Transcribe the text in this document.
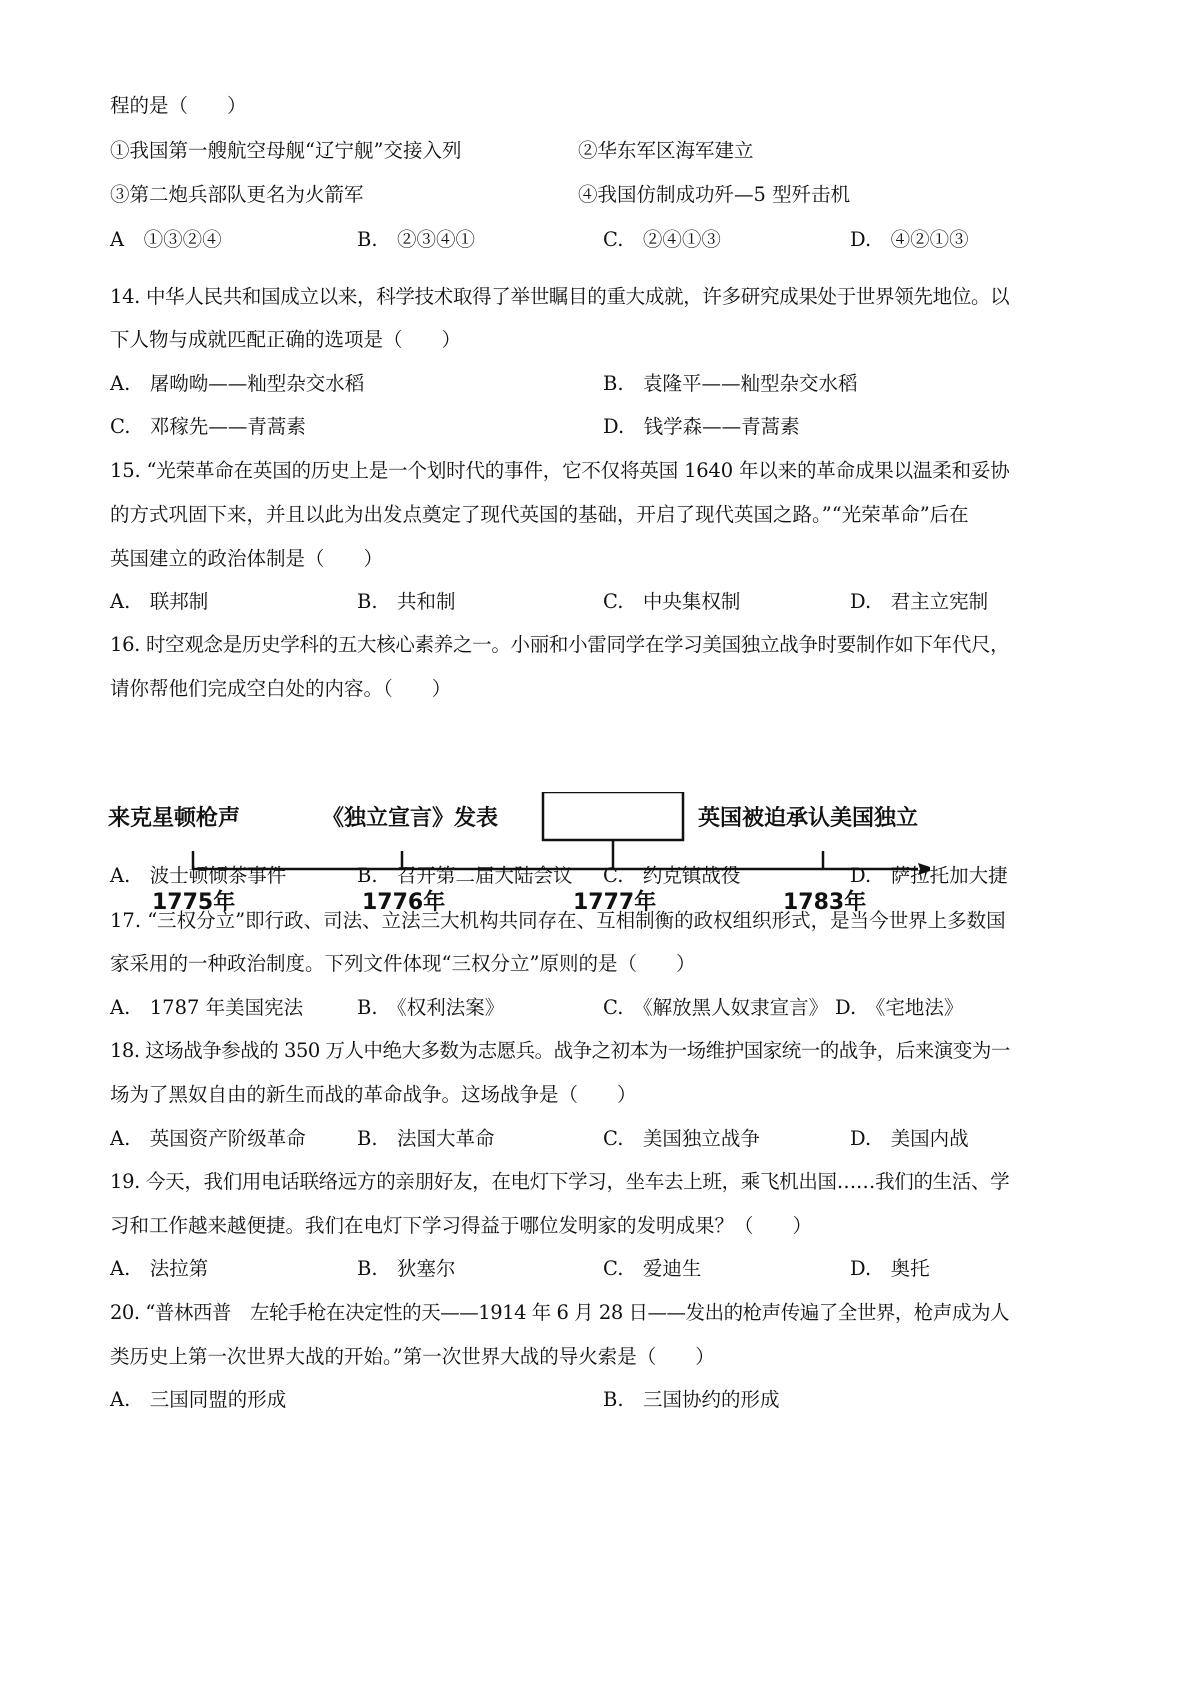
程的是（　　）
①我国第一艘航空母舰“辽宁舰”交接入列	②华东军区海军建立
③第二炮兵部队更名为火箭军	④我国仿制成功歼—5 型歼击机
A　①③②④	B.　②③④①	C.　②④①③	D.　④②①③
14. 中华人民共和国成立以来，科学技术取得了举世瞩目的重大成就，许多研究成果处于世界领先地位。以
下人物与成就匹配正确的选项是（　　）
A.　屠呦呦——籼型杂交水稻	B.　袁隆平——籼型杂交水稻
C.　邓稼先——青蒿素	D.　钱学森——青蒿素
15. “光荣革命在英国的历史上是一个划时代的事件，它不仅将英国 1640 年以来的革命成果以温柔和妥协
的方式巩固下来，并且以此为出发点奠定了现代英国的基础，开启了现代英国之路。”“光荣革命”后在
英国建立的政治体制是（　　）
A.　联邦制	B.　共和制	C.　中央集权制	D.　君主立宪制
16. 时空观念是历史学科的五大核心素养之一。小丽和小雷同学在学习美国独立战争时要制作如下年代尺，
请你帮他们完成空白处的内容。（　　）
来克星顿枪声	《独立宣言》发表	英国被迫承认美国独立
1775年	1776年	1777年	1783年
A.　波士顿倾茶事件	B.　召开第二届大陆会议 C.　约克镇战役	D.　萨拉托加大捷
17. “三权分立”即行政、司法、立法三大机构共同存在、互相制衡的政权组织形式，是当今世界上多数国
家采用的一种政治制度。下列文件体现“三权分立”原则的是（　　）
A.　1787 年美国宪法	B.　《权利法案》	C.　《解放黑人奴隶宣言》 D.　《宅地法》
18. 这场战争参战的 350 万人中绝大多数为志愿兵。战争之初本为一场维护国家统一的战争，后来演变为一
场为了黑奴自由的新生而战的革命战争。这场战争是（　　）
A.　英国资产阶级革命	B.　法国大革命	C.　美国独立战争	D.　美国内战
19. 今天，我们用电话联络远方的亲朋好友，在电灯下学习，坐车去上班，乘飞机出国……我们的生活、学
习和工作越来越便捷。我们在电灯下学习得益于哪位发明家的发明成果？（　　）
A.　法拉第	B.　狄塞尔	C.　爱迪生	D.　奥托
20. “普林西普　左轮手枪在决定性的天——1914 年 6 月 28 日——发出的枪声传遍了全世界，枪声成为人
类历史上第一次世界大战的开始。”第一次世界大战的导火索是（　　）
A.　三国同盟的形成	B.　三国协约的形成
